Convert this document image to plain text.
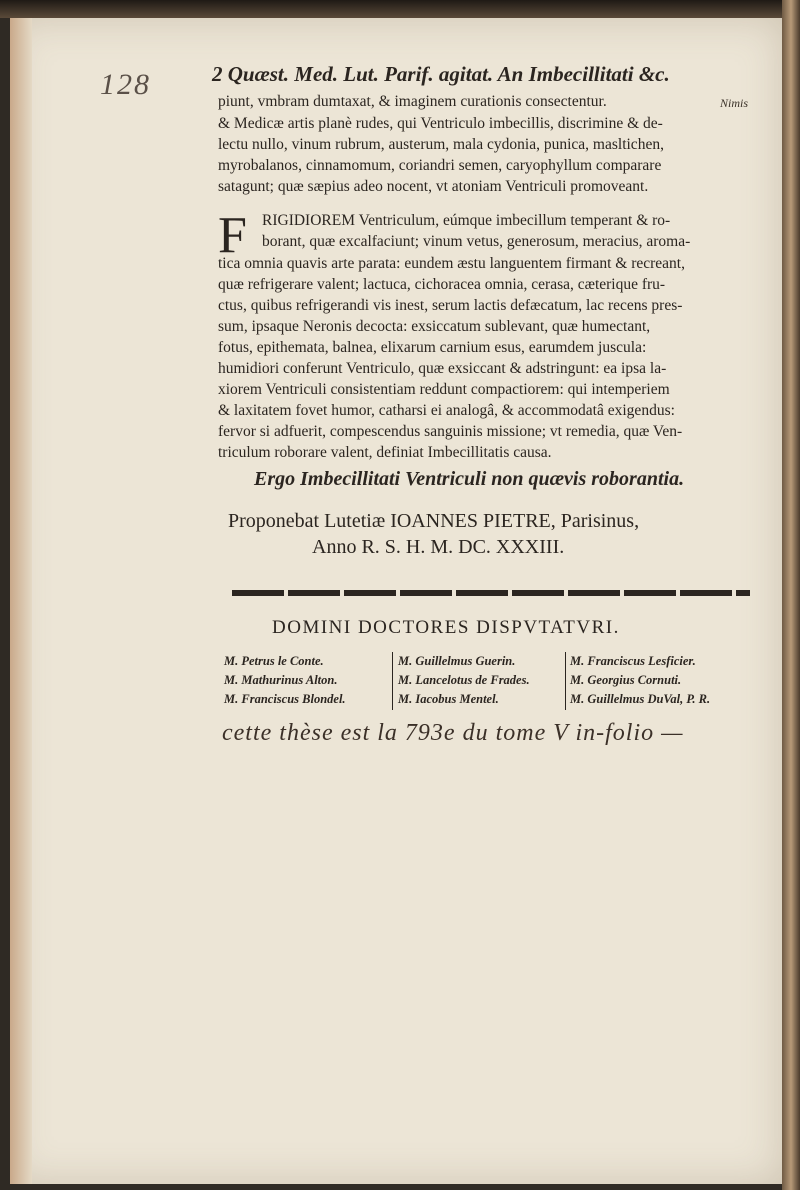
128	2 Quæst. Med. Lut. Parif. agitat. An Imbecillitati &c.
Nimis
piunt, vmbram dumtaxat, & imaginem curationis consectentur.
& Medicæ artis planè rudes, qui Ventriculo imbecillis, discrimine & de-
lectu nullo, vinum rubrum, austerum, mala cydonia, punica, masltichen,
myrobalanos, cinnamomum, coriandri semen, caryophyllum comparare
satagunt; quæ sæpius adeo nocent, vt atoniam Ventriculi promoveant.
F RIGIDIOREM Ventriculum, eúmque imbecillum temperant & ro-
borant, quæ excalfaciunt; vinum vetus, generosum, meracius, aroma-
tica omnia quavis arte parata: eundem æstu languentem firmant & recreant,
quæ refrigerare valent; lactuca, cichoracea omnia, cerasa, cæterique fru-
ctus, quibus refrigerandi vis inest, serum lactis defæcatum, lac recens pres-
sum, ipsaque Neronis decocta: exsiccatum sublevant, quæ humectant,
fotus, epithemata, balnea, elixarum carnium esus, earumdem juscula:
humidiori conferunt Ventriculo, quæ exsiccant & adstringunt: ea ipsa la-
xiorem Ventriculi consistentiam reddunt compactiorem: qui intemperiem
& laxitatem fovet humor, catharsi ei analogâ, & accommodatâ exigendus:
fervor si adfuerit, compescendus sanguinis missione; vt remedia, quæ Ven-
triculum roborare valent, definiat Imbecillitatis causa.
Ergo Imbecillitati Ventriculi non quævis roborantia.
Proponebat Lutetiæ IOANNES PIETRE, Parisinus,
Anno R. S. H. M. DC. XXXIII.
DOMINI DOCTORES DISPVTATVRI.
M. Petrus le Conte.
M. Mathurinus Alton.
M. Franciscus Blondel.
M. Guillelmus Guerin.
M. Lancelotus de Frades.
M. Iacobus Mentel.
M. Franciscus Lesficier.
M. Georgius Cornuti.
M. Guillelmus DuVal, P. R.
cette thèse est la 793e du tome V in-folio —
